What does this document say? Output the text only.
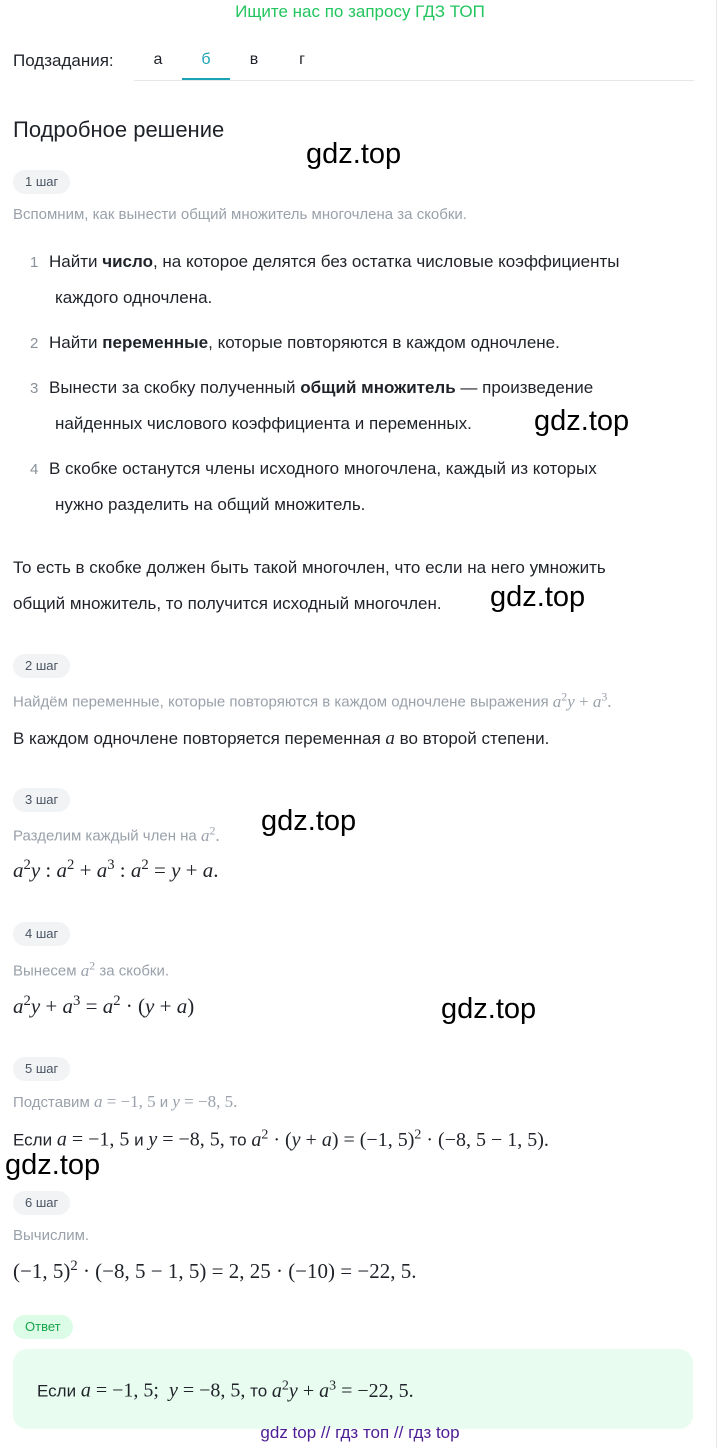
Ищите нас по запросу ГДЗ ТОП
Подзадания:	а	б	в	г
Подробное решение
gdz.top
gdz.top
gdz.top
gdz.top
gdz.top
gdz.top
1 шаг
Вспомним, как вынести общий множитель многочлена за скобки.
1 Найти число, на которое делятся без остатка числовые коэффициенты
каждого одночлена.
2 Найти переменные, которые повторяются в каждом одночлене.
3 Вынести за скобку полученный общий множитель — произведение
найденных числового коэффициента и переменных.
4 В скобке останутся члены исходного многочлена, каждый из которых
нужно разделить на общий множитель.
То есть в скобке должен быть такой многочлен, что если на него умножить
общий множитель, то получится исходный многочлен.
2 шаг
Найдём переменные, которые повторяются в каждом одночлене выражения $a^2y + a^3$.
В каждом одночлене повторяется переменная a во второй степени.
3 шаг
Разделим каждый член на $a^2$.
$a^2y$ : $a^2 + a^3$ : $a^2 = y + a$.
4 шаг
Вынесем $a^2$ за скобки.
$a^2y + a^3 = a^2 \cdot (y + a)$
5 шаг
Подставим a = −1, 5 и y = −8, 5.
Если a = −1, 5 и y = −8, 5, то $a^2 \cdot (y + a) = (-1$, 5)$^2$ · (−8, 5 − 1, 5).
6 шаг
Вычислим.
(−1, 5)$^2$ · (−8, 5 − 1, 5) = 2, 25 · (−10) = −22, 5.
Ответ
Если a = −1, 5;  y = −8, 5, то $a^2y + a^3 = -22$, 5.
gdz top // гдз топ // гдз top
